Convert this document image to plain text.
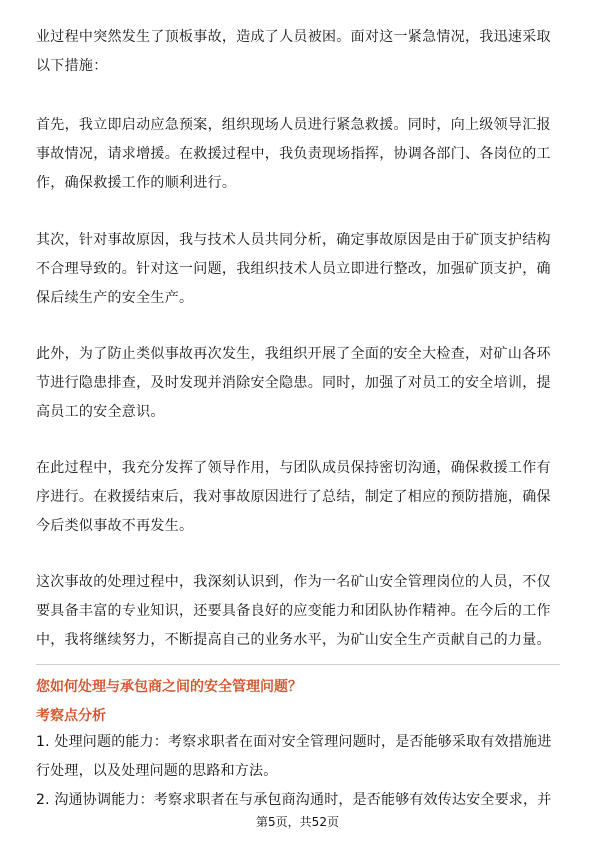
业过程中突然发生了顶板事故，造成了人员被困。面对这一紧急情况，我迅速采取
以下措施：
首先，我立即启动应急预案，组织现场人员进行紧急救援。同时，向上级领导汇报
事故情况，请求增援。在救援过程中，我负责现场指挥，协调各部门、各岗位的工
作，确保救援工作的顺利进行。
其次，针对事故原因，我与技术人员共同分析，确定事故原因是由于矿顶支护结构
不合理导致的。针对这一问题，我组织技术人员立即进行整改，加强矿顶支护，确
保后续生产的安全生产。
此外，为了防止类似事故再次发生，我组织开展了全面的安全大检查，对矿山各环
节进行隐患排查，及时发现并消除安全隐患。同时，加强了对员工的安全培训，提
高员工的安全意识。
在此过程中，我充分发挥了领导作用，与团队成员保持密切沟通，确保救援工作有
序进行。在救援结束后，我对事故原因进行了总结，制定了相应的预防措施，确保
今后类似事故不再发生。
这次事故的处理过程中，我深刻认识到，作为一名矿山安全管理岗位的人员，不仅
要具备丰富的专业知识，还要具备良好的应变能力和团队协作精神。在今后的工作
中，我将继续努力，不断提高自己的业务水平，为矿山安全生产贡献自己的力量。
您如何处理与承包商之间的安全管理问题？
考察点分析
1. 处理问题的能力：考察求职者在面对安全管理问题时，是否能够采取有效措施进
行处理，以及处理问题的思路和方法。
2. 沟通协调能力：考察求职者在与承包商沟通时，是否能够有效传达安全要求，并

第5页，共52页
